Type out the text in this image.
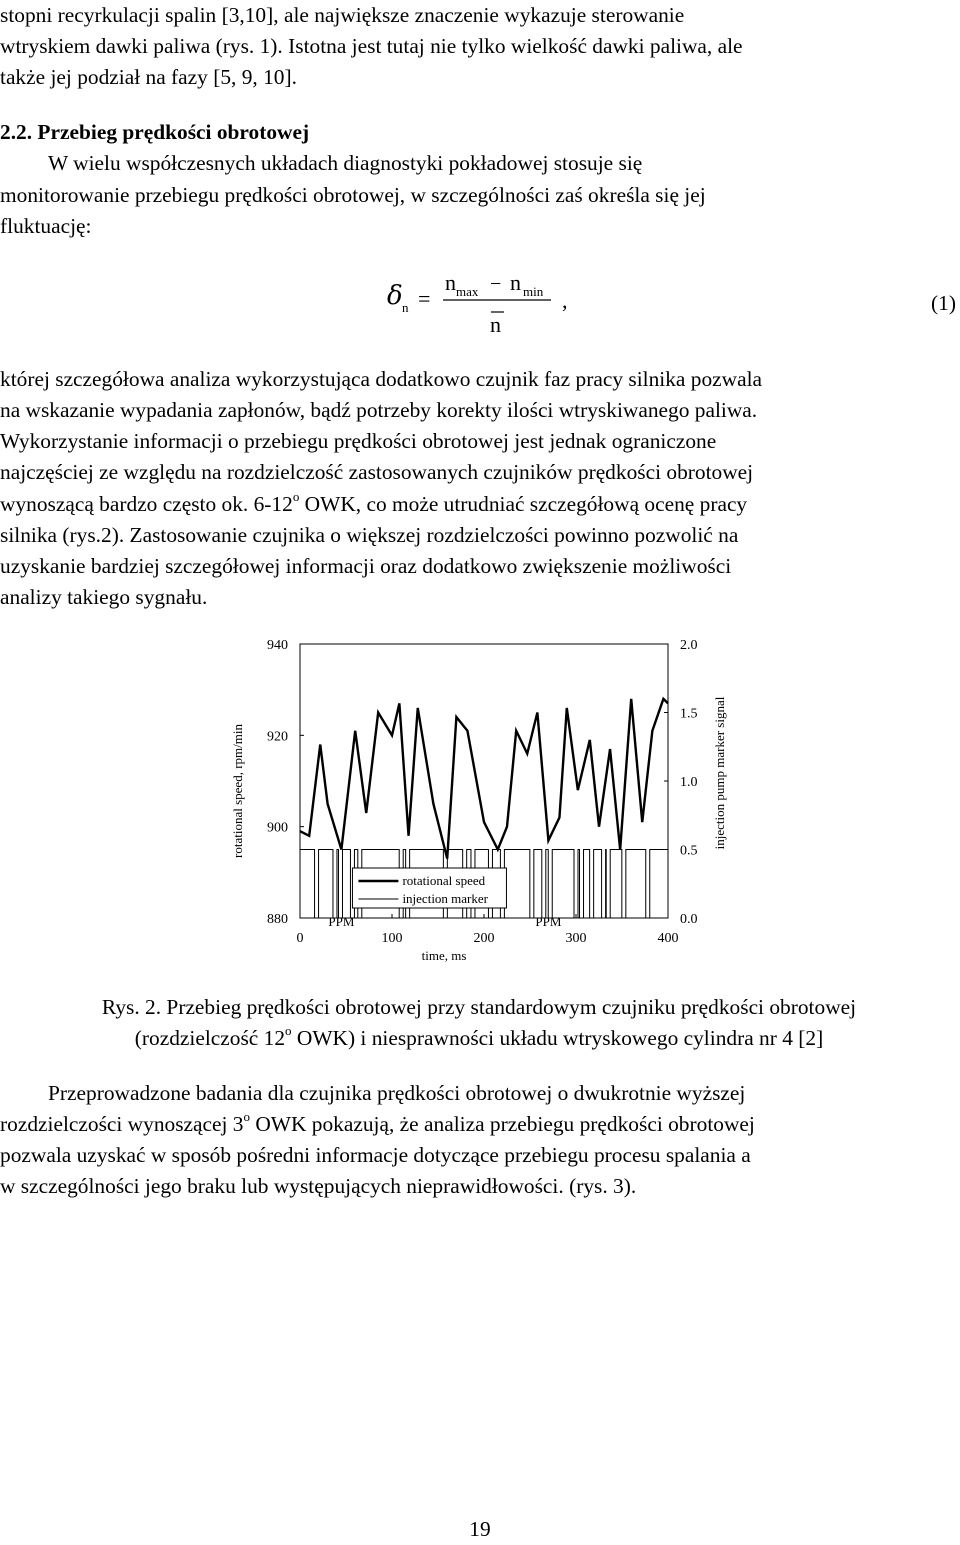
stopni recyrkulacji spalin [3,10], ale największe znaczenie wykazuje sterowanie
wtryskiem dawki paliwa (rys. 1). Istotna jest tutaj nie tylko wielkość dawki paliwa, ale
także jej podział na fazy [5, 9, 10].
2.2. Przebieg prędkości obrotowej
W wielu współczesnych układach diagnostyki pokładowej stosuje się
monitorowanie przebiegu prędkości obrotowej, w szczególności zaś określa się jej
fluktuację:
δ n =
n max − n min
n
,	(1)
której szczegółowa analiza wykorzystująca dodatkowo czujnik faz pracy silnika pozwala
na wskazanie wypadania zapłonów, bądź potrzeby korekty ilości wtryskiwanego paliwa.
Wykorzystanie informacji o przebiegu prędkości obrotowej jest jednak ograniczone
najczęściej ze względu na rozdzielczość zastosowanych czujników prędkości obrotowej
wynoszącą bardzo często ok. 6-12$^o$ OWK, co może utrudniać szczegółową ocenę pracy
silnika (rys.2). Zastosowanie czujnika o większej rozdzielczości powinno pozwolić na
uzyskanie bardziej szczegółowej informacji oraz dodatkowo zwiększenie możliwości
analizy takiego sygnału.
880
900
920
940
0.0
0.5
1.0
1.5
2.0
0	100	200	300	400
time, ms
rotational speed, rpm/min	injection pump marker signal
PPM	PPM
rotational speed
injection marker
Rys. 2. Przebieg prędkości obrotowej przy standardowym czujniku prędkości obrotowej
(rozdzielczość 12$^o$ OWK) i niesprawności układu wtryskowego cylindra nr 4 [2]
Przeprowadzone badania dla czujnika prędkości obrotowej o dwukrotnie wyższej
rozdzielczości wynoszącej 3$^o$ OWK pokazują, że analiza przebiegu prędkości obrotowej
pozwala uzyskać w sposób pośredni informacje dotyczące przebiegu procesu spalania a
w szczególności jego braku lub występujących nieprawidłowości. (rys. 3).
19
